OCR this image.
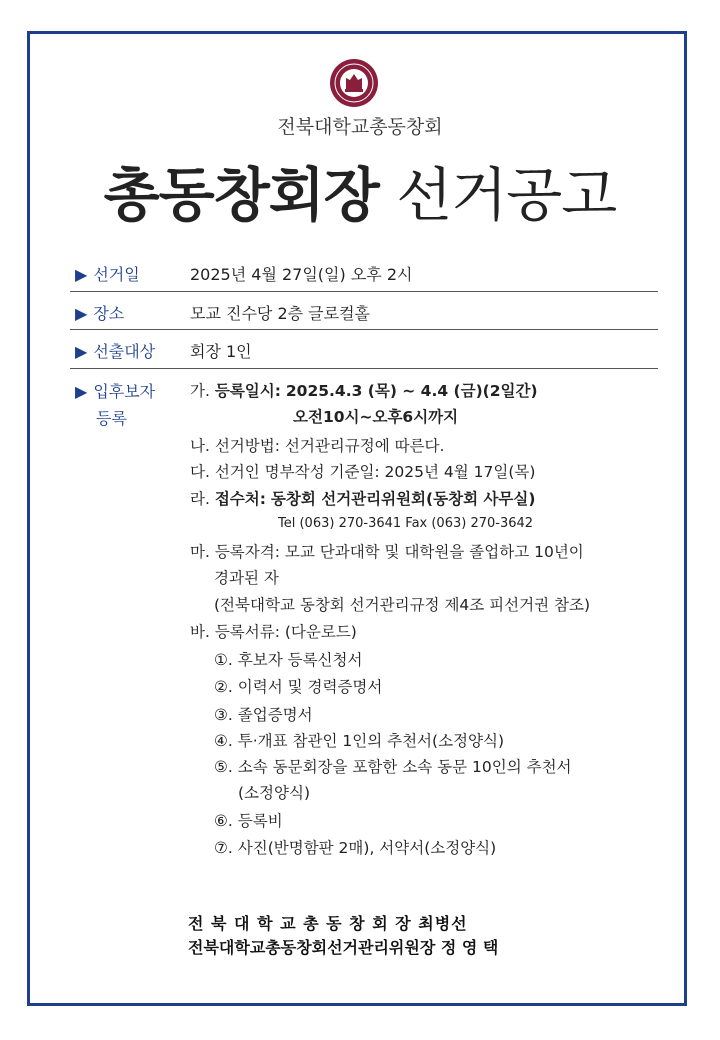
전북대학교총동창회
총동창회장 선거공고
▶ 선거일	2025년 4월 27일(일) 오후 2시
▶ 장소	모교 진수당 2층 글로컬홀
▶ 선출대상 회장 1인
▶ 입후보자
등록
가. 등록일시: 2025.4.3 (목) ~ 4.4 (금)(2일간)
오전10시~오후6시까지
나. 선거방법: 선거관리규정에 따른다.
다. 선거인 명부작성 기준일: 2025년 4월 17일(목)
라. 접수처: 동창회 선거관리위원회(동창회 사무실)
Tel (063) 270-3641 Fax (063) 270-3642
마. 등록자격: 모교 단과대학 및 대학원을 졸업하고 10년이
경과된 자
(전북대학교 동창회 선거관리규정 제4조 피선거권 참조)
바. 등록서류: (다운로드)
①. 후보자 등록신청서
②. 이력서 및 경력증명서
③. 졸업증명서
④. 투·개표 참관인 1인의 추천서(소정양식)
⑤. 소속 동문회장을 포함한 소속 동문 10인의 추천서
(소정양식)
⑥. 등록비
⑦. 사진(반명함판 2매), 서약서(소정양식)
전 북 대 학 교 총 동 창 회 장 최병선
전북대학교총동창회선거관리위원장 정 영 택
